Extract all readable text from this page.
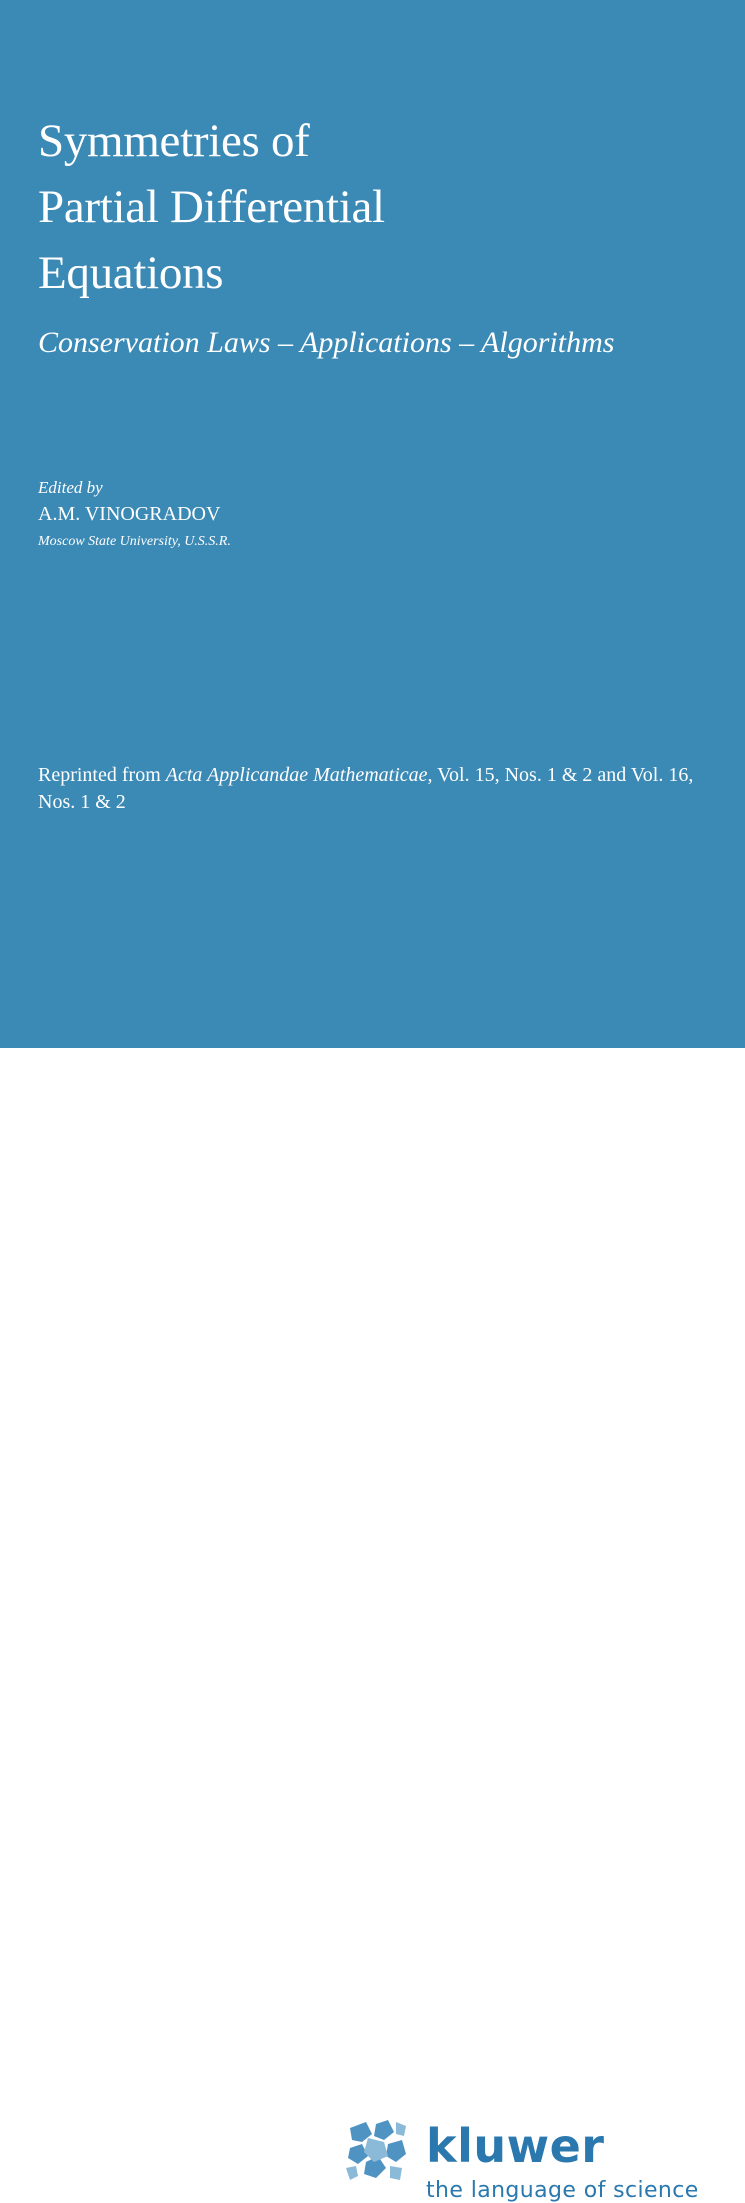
Symmetries of
Partial Differential
Equations
Conservation Laws – Applications – Algorithms
Edited by
A.M. VINOGRADOV
Moscow State University, U.S.S.R.
Reprinted from Acta Applicandae Mathematicae, Vol. 15, Nos. 1 & 2 and Vol. 16, Nos. 1 & 2
kluwer
the language of science
